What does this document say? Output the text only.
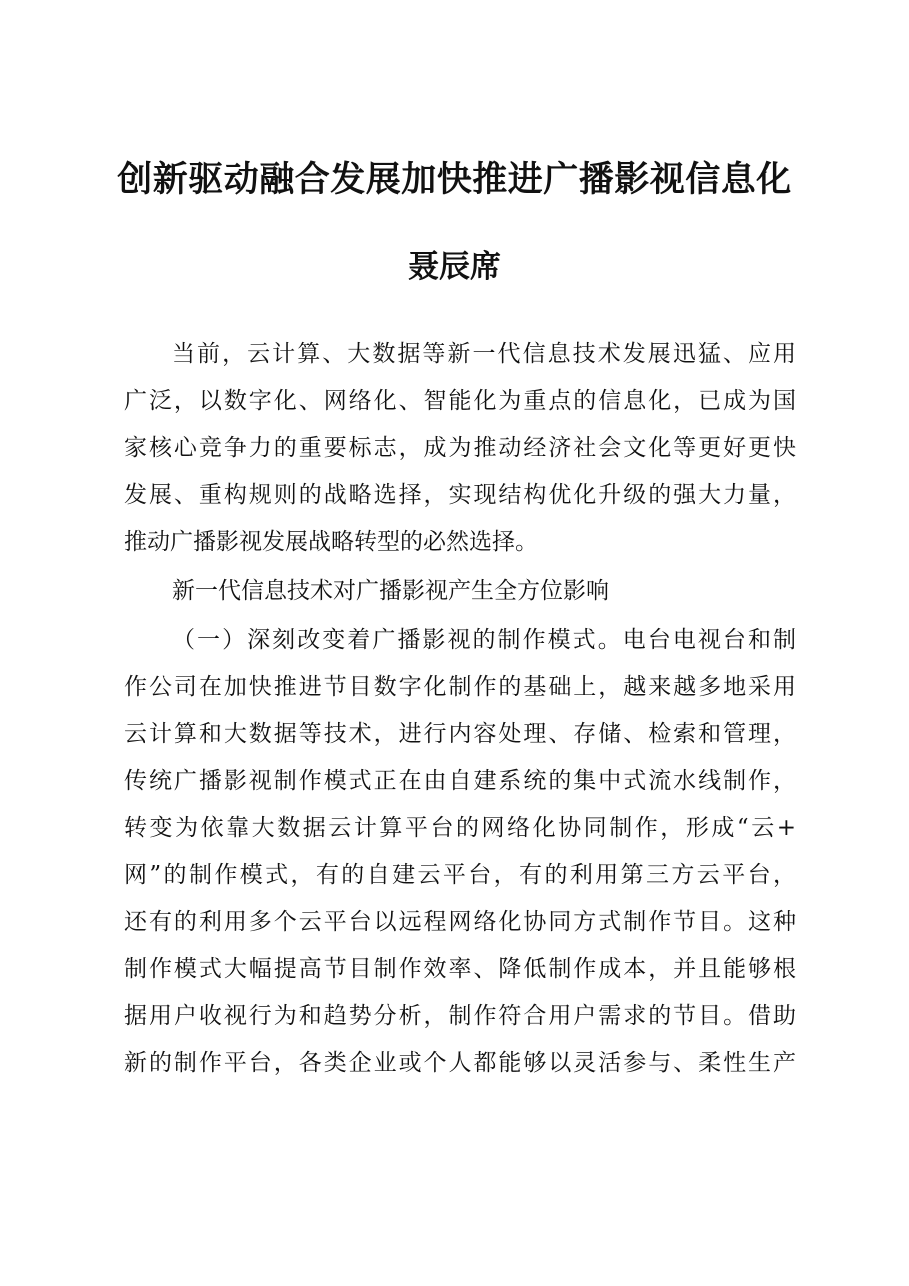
创新驱动融合发展加快推进广播影视信息化
聂辰席
当前，云计算、大数据等新一代信息技术发展迅猛、应用
广泛，以数字化、网络化、智能化为重点的信息化，已成为国
家核心竞争力的重要标志，成为推动经济社会文化等更好更快
发展、重构规则的战略选择，实现结构优化升级的强大力量，
推动广播影视发展战略转型的必然选择。
新一代信息技术对广播影视产生全方位影响
（一）深刻改变着广播影视的制作模式。电台电视台和制
作公司在加快推进节目数字化制作的基础上，越来越多地采用
云计算和大数据等技术，进行内容处理、存储、检索和管理，
传统广播影视制作模式正在由自建系统的集中式流水线制作，
转变为依靠大数据云计算平台的网络化协同制作，形成“云+
网”的制作模式，有的自建云平台，有的利用第三方云平台，
还有的利用多个云平台以远程网络化协同方式制作节目。这种
制作模式大幅提高节目制作效率、降低制作成本，并且能够根
据用户收视行为和趋势分析，制作符合用户需求的节目。借助
新的制作平台，各类企业或个人都能够以灵活参与、柔性生产
